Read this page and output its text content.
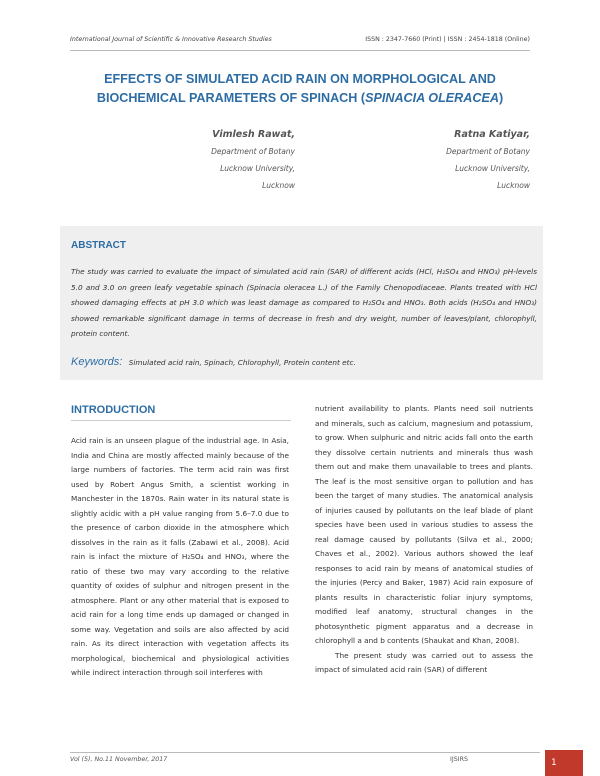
International Journal of Scientific & Innovative Research Studies	ISSN : 2347-7660 (Print) | ISSN : 2454-1818 (Online)
EFFECTS OF SIMULATED ACID RAIN ON MORPHOLOGICAL AND BIOCHEMICAL PARAMETERS OF SPINACH (SPINACIA OLERACEA)
Vimlesh Rawat,
Department of Botany
Lucknow University,
Lucknow
Ratna Katiyar,
Department of Botany
Lucknow University,
Lucknow
ABSTRACT
The study was carried to evaluate the impact of simulated acid rain (SAR) of different acids (HCl, H₂SO₄ and HNO₃) pH-levels 5.0 and 3.0 on green leafy vegetable spinach (Spinacia oleracea L.) of the Family Chenopodiaceae. Plants treated with HCl showed damaging effects at pH 3.0 which was least damage as compared to H₂SO₄ and HNO₃. Both acids (H₂SO₄ and HNO₃) showed remarkable significant damage in terms of decrease in fresh and dry weight, number of leaves/plant, chlorophyll, protein content.
Keywords: Simulated acid rain, Spinach, Chlorophyll, Protein content etc.
INTRODUCTION

Acid rain is an unseen plague of the industrial age. In Asia, India and China are mostly affected mainly because of the large numbers of factories. The term acid rain was first used by Robert Angus Smith, a scientist working in Manchester in the 1870s. Rain water in its natural state is slightly acidic with a pH value ranging from 5.6–7.0 due to the presence of carbon dioxide in the atmosphere which dissolves in the rain as it falls (Zabawi et al., 2008). Acid rain is infact the mixture of H₂SO₄ and HNO₃, where the ratio of these two may vary according to the relative quantity of oxides of sulphur and nitrogen present in the atmosphere. Plant or any other material that is exposed to acid rain for a long time ends up damaged or changed in some way. Vegetation and soils are also affected by acid rain. As its direct interaction with vegetation affects its morphological, biochemical and physiological activities while indirect interaction through soil interferes with

nutrient availability to plants. Plants need soil nutrients and minerals, such as calcium, magnesium and potassium, to grow. When sulphuric and nitric acids fall onto the earth they dissolve certain nutrients and minerals thus wash them out and make them unavailable to trees and plants. The leaf is the most sensitive organ to pollution and has been the target of many studies. The anatomical analysis of injuries caused by pollutants on the leaf blade of plant species have been used in various studies to assess the real damage caused by pollutants (Silva et al., 2000; Chaves et al., 2002). Various authors showed the leaf responses to acid rain by means of anatomical studies of the injuries (Percy and Baker, 1987) Acid rain exposure of plants results in characteristic foliar injury symptoms, modified leaf anatomy, structural changes in the photosynthetic pigment apparatus and a decrease in chlorophyll a and b contents (Shaukat and Khan, 2008).

The present study was carried out to assess the impact of simulated acid rain (SAR) of different

Vol (5), No.11 November, 2017	IJSIRS	1
